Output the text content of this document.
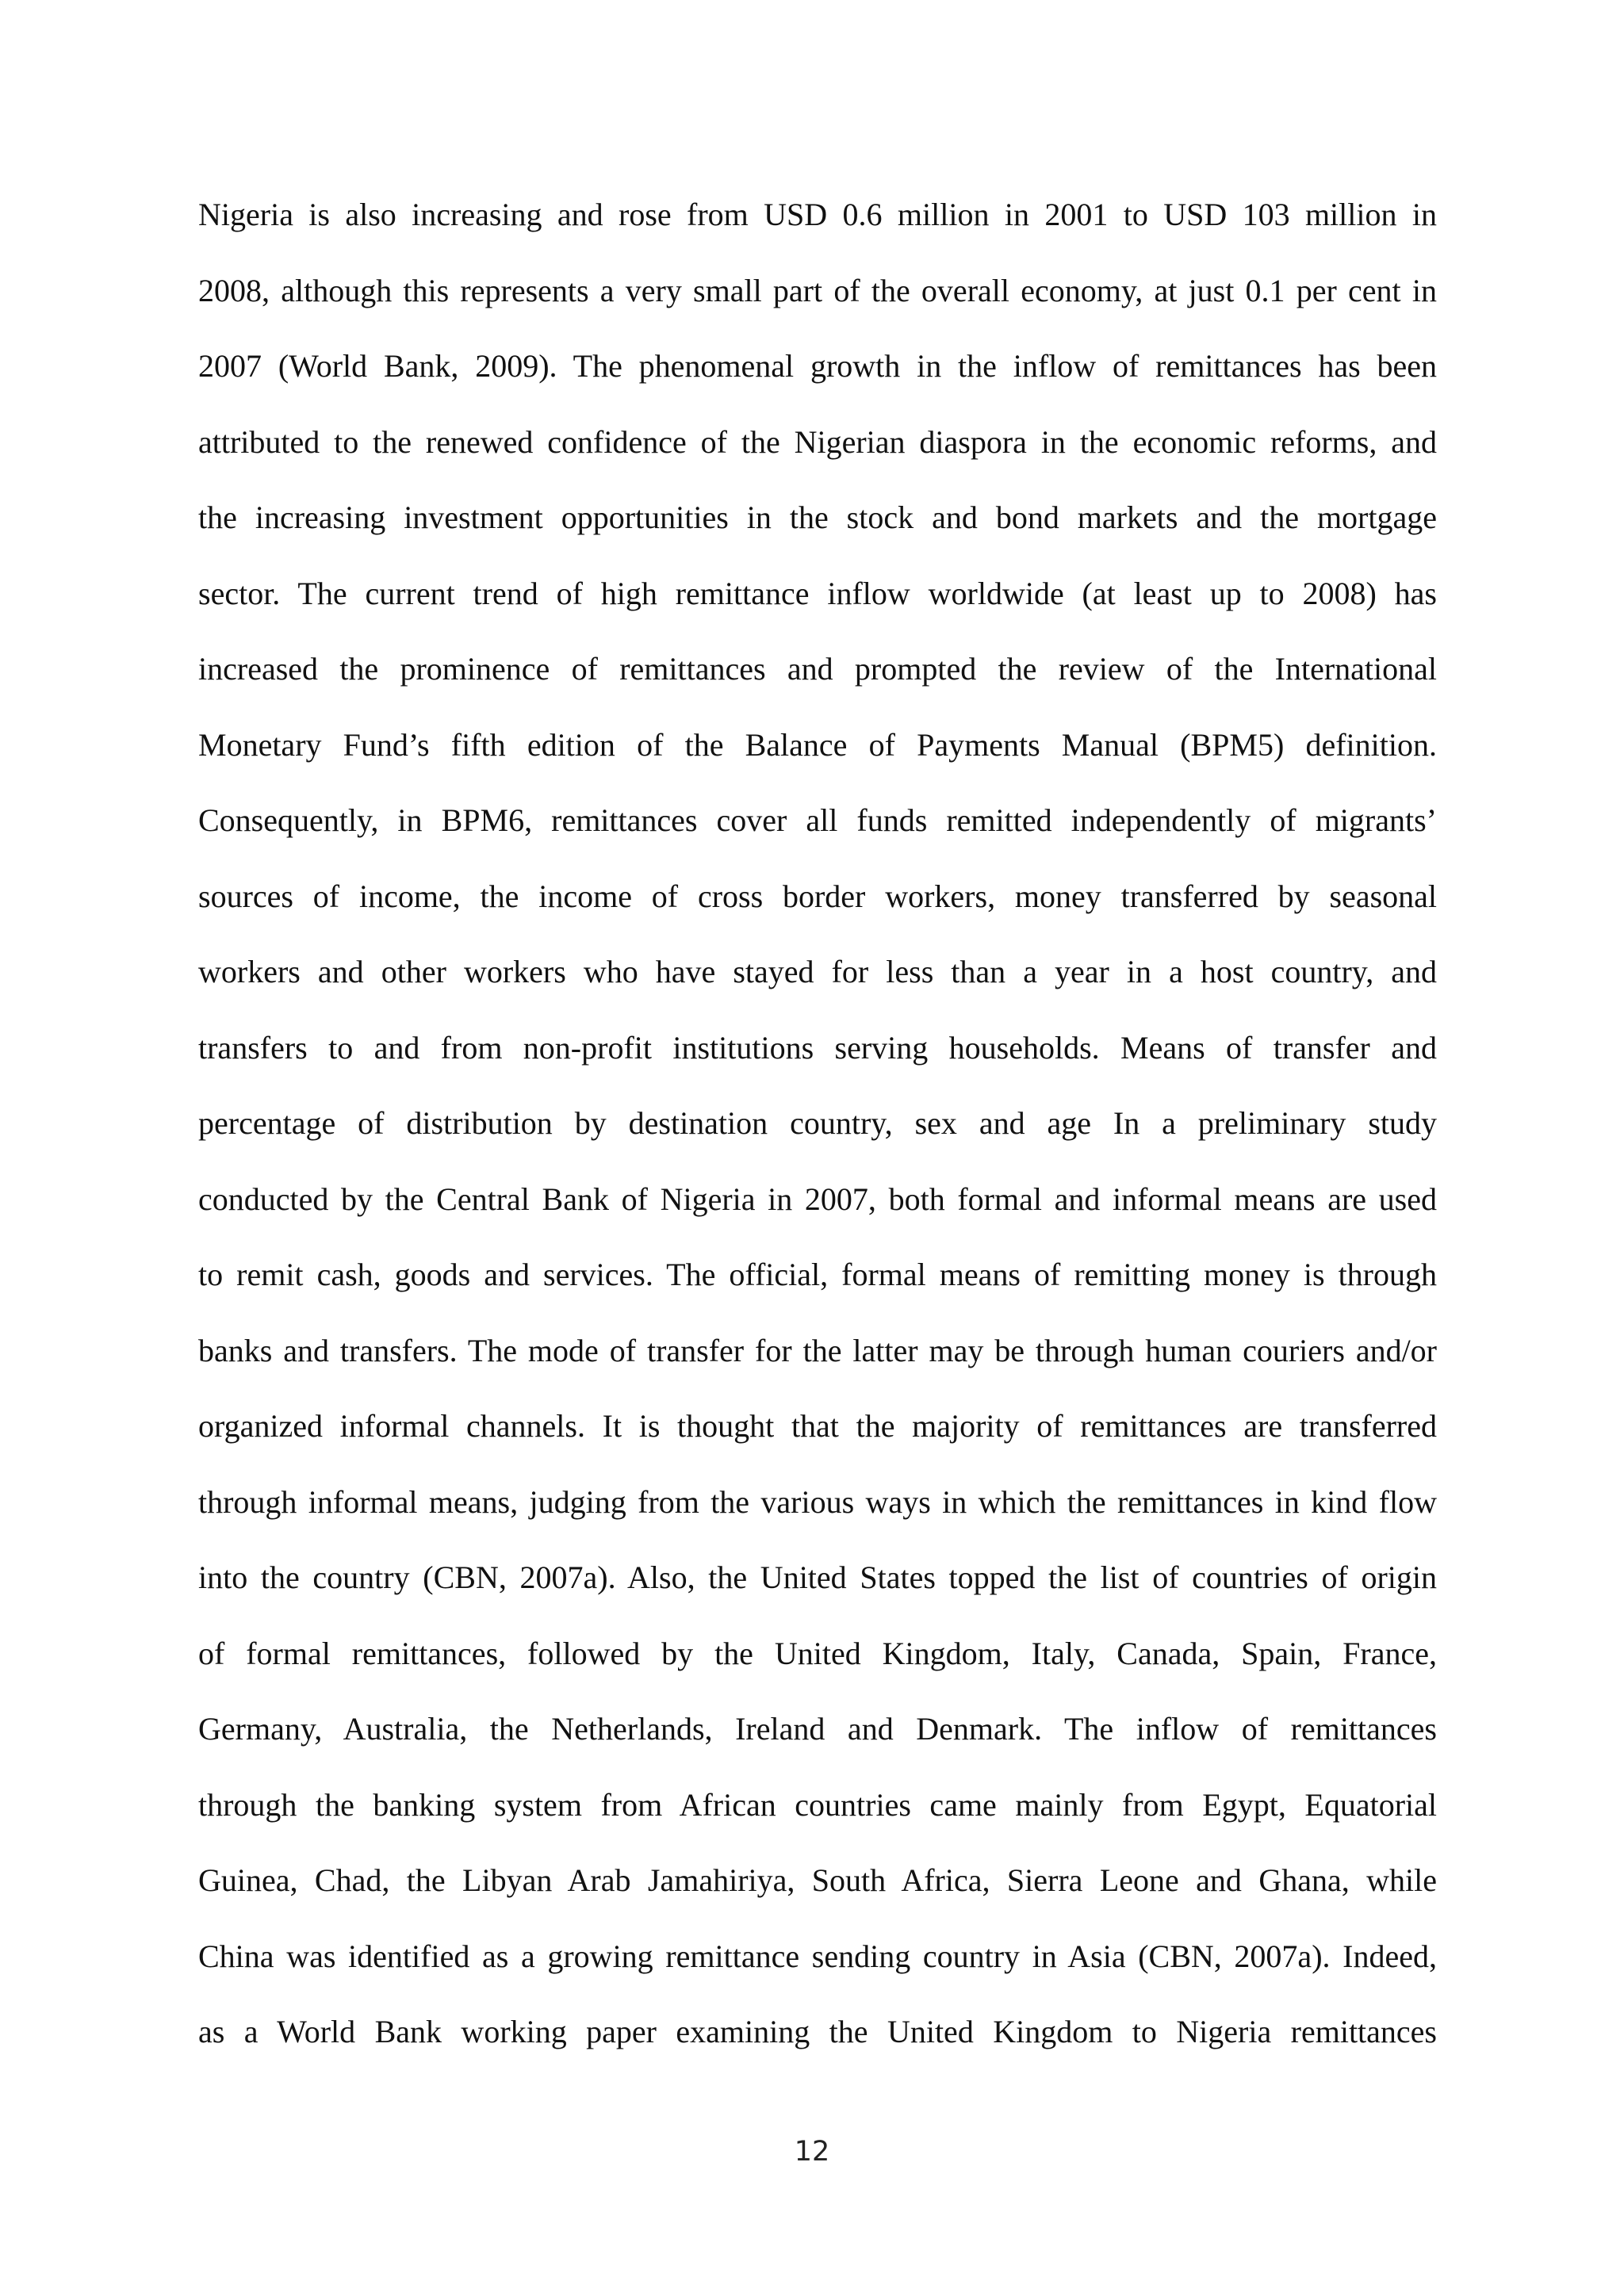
Nigeria is also increasing and rose from USD 0.6 million in 2001 to USD 103 million in
2008, although this represents a very small part of the overall economy, at just 0.1 per cent in
2007 (World Bank, 2009). The phenomenal growth in the inflow of remittances has been
attributed to the renewed confidence of the Nigerian diaspora in the economic reforms, and
the increasing investment opportunities in the stock and bond markets and the mortgage
sector. The current trend of high remittance inflow worldwide (at least up to 2008) has
increased the prominence of remittances and prompted the review of the International
Monetary Fund’s fifth edition of the Balance of Payments Manual (BPM5) definition.
Consequently, in BPM6, remittances cover all funds remitted independently of migrants’
sources of income, the income of cross border workers, money transferred by seasonal
workers and other workers who have stayed for less than a year in a host country, and
transfers to and from non-profit institutions serving households. Means of transfer and
percentage of distribution by destination country, sex and age In a preliminary study
conducted by the Central Bank of Nigeria in 2007, both formal and informal means are used
to remit cash, goods and services. The official, formal means of remitting money is through
banks and transfers. The mode of transfer for the latter may be through human couriers and/or
organized informal channels. It is thought that the majority of remittances are transferred
through informal means, judging from the various ways in which the remittances in kind flow
into the country (CBN, 2007a). Also, the United States topped the list of countries of origin
of formal remittances, followed by the United Kingdom, Italy, Canada, Spain, France,
Germany, Australia, the Netherlands, Ireland and Denmark. The inflow of remittances
through the banking system from African countries came mainly from Egypt, Equatorial
Guinea, Chad, the Libyan Arab Jamahiriya, South Africa, Sierra Leone and Ghana, while
China was identified as a growing remittance sending country in Asia (CBN, 2007a). Indeed,
as a World Bank working paper examining the United Kingdom to Nigeria remittances
12
